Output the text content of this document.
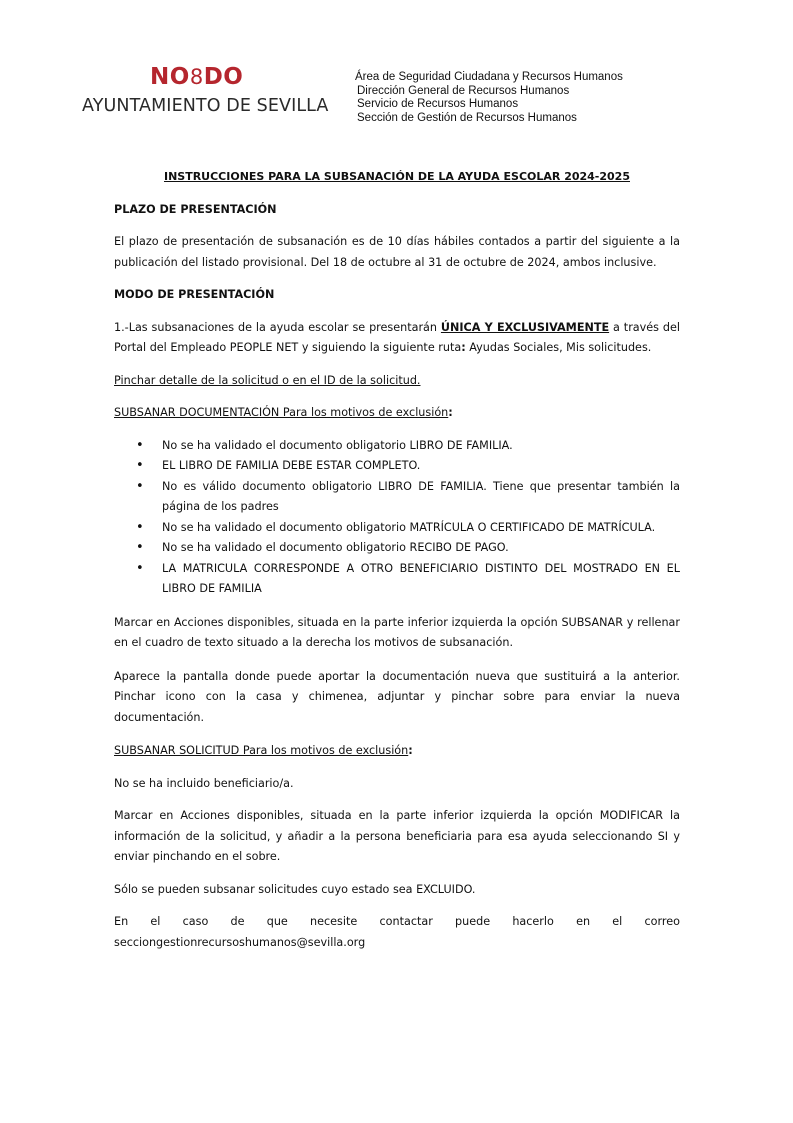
NO8DO
AYUNTAMIENTO DE SEVILLA
Área de Seguridad Ciudadana y Recursos Humanos
Dirección General de Recursos Humanos
Servicio de Recursos Humanos
Sección de Gestión de Recursos Humanos

INSTRUCCIONES PARA LA SUBSANACIÓN DE LA AYUDA ESCOLAR 2024-2025

PLAZO DE PRESENTACIÓN

El plazo de presentación de subsanación es de 10 días hábiles contados a partir del siguiente a la publicación del listado provisional. Del 18 de octubre al 31 de octubre de 2024, ambos inclusive.

MODO DE PRESENTACIÓN

1.-Las subsanaciones de la ayuda escolar se presentarán ÚNICA Y EXCLUSIVAMENTE a través del Portal del Empleado PEOPLE NET y siguiendo la siguiente ruta: Ayudas Sociales, Mis solicitudes.

Pinchar detalle de la solicitud o en el ID de la solicitud.

SUBSANAR DOCUMENTACIÓN Para los motivos de exclusión:

• No se ha validado el documento obligatorio LIBRO DE FAMILIA.
• EL LIBRO DE FAMILIA DEBE ESTAR COMPLETO.
• No es válido documento obligatorio LIBRO DE FAMILIA. Tiene que presentar también la página de los padres
• No se ha validado el documento obligatorio MATRÍCULA O CERTIFICADO DE MATRÍCULA.
• No se ha validado el documento obligatorio RECIBO DE PAGO.
• LA MATRICULA CORRESPONDE A OTRO BENEFICIARIO DISTINTO DEL MOSTRADO EN EL LIBRO DE FAMILIA

Marcar en Acciones disponibles, situada en la parte inferior izquierda la opción SUBSANAR y rellenar en el cuadro de texto situado a la derecha los motivos de subsanación.

Aparece la pantalla donde puede aportar la documentación nueva que sustituirá a la anterior. Pinchar icono con la casa y chimenea, adjuntar y pinchar sobre para enviar la nueva documentación.

SUBSANAR SOLICITUD Para los motivos de exclusión:

No se ha incluido beneficiario/a.

Marcar en Acciones disponibles, situada en la parte inferior izquierda la opción MODIFICAR la información de la solicitud, y añadir a la persona beneficiaria para esa ayuda seleccionando SI y enviar pinchando en el sobre.

Sólo se pueden subsanar solicitudes cuyo estado sea EXCLUIDO.

En el caso de que necesite contactar puede hacerlo en el correo

secciongestionrecursoshumanos@sevilla.org
